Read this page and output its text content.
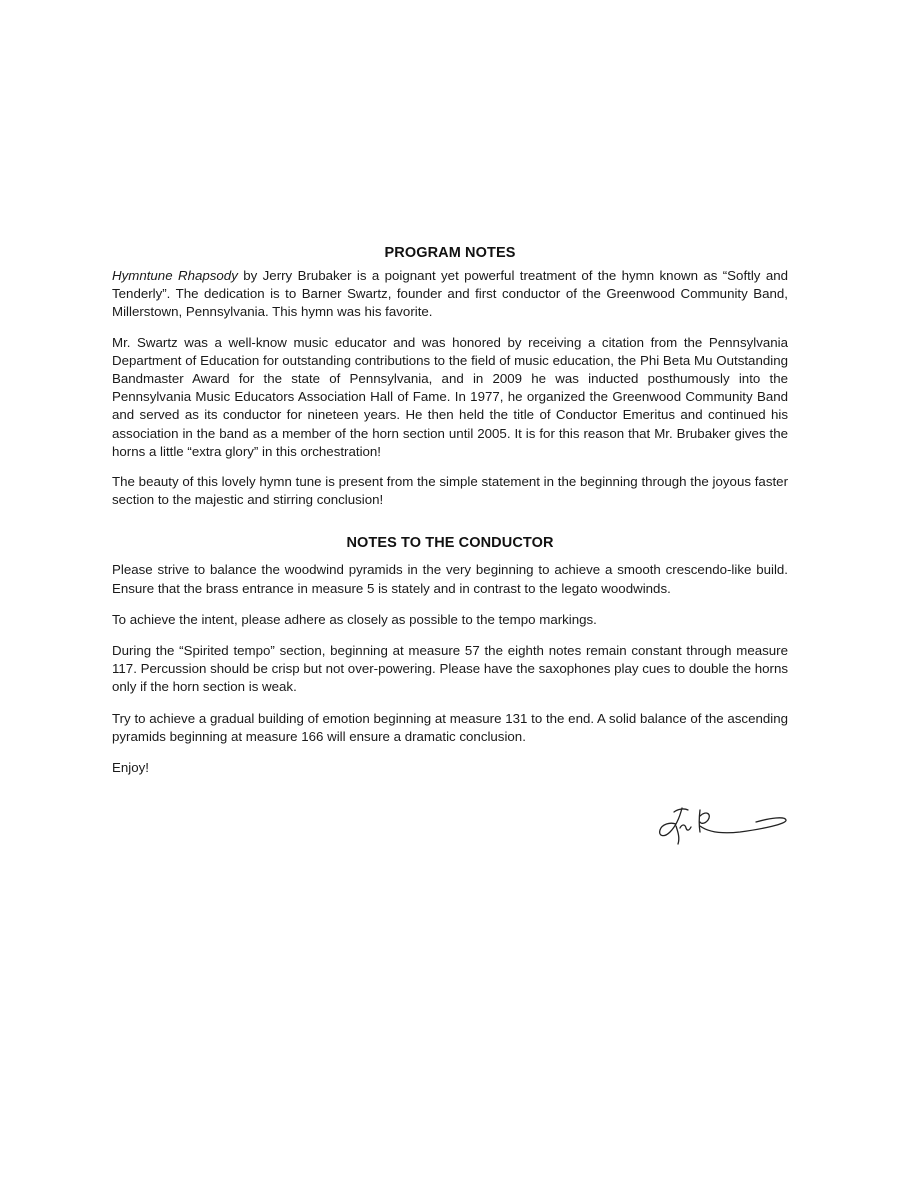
PROGRAM NOTES

Hymntune Rhapsody by Jerry Brubaker is a poignant yet powerful treatment of the hymn known as “Softly and Tenderly”. The dedication is to Barner Swartz, founder and first conductor of the Greenwood Community Band, Millerstown, Pennsylvania. This hymn was his favorite.

Mr. Swartz was a well-know music educator and was honored by receiving a citation from the Pennsylvania Department of Education for outstanding contributions to the field of music education, the Phi Beta Mu Outstanding Bandmaster Award for the state of Pennsylvania, and in 2009 he was inducted posthumously into the Pennsylvania Music Educators Association Hall of Fame. In 1977, he organized the Greenwood Community Band and served as its conductor for nineteen years. He then held the title of Conductor Emeritus and continued his association in the band as a member of the horn section until 2005. It is for this reason that Mr. Brubaker gives the horns a little “extra glory” in this orchestration!

The beauty of this lovely hymn tune is present from the simple statement in the beginning through the joyous faster section to the majestic and stirring conclusion!

NOTES TO THE CONDUCTOR

Please strive to balance the woodwind pyramids in the very beginning to achieve a smooth crescendo-like build. Ensure that the brass entrance in measure 5 is stately and in contrast to the legato woodwinds.

To achieve the intent, please adhere as closely as possible to the tempo markings.

During the “Spirited tempo” section, beginning at measure 57 the eighth notes remain constant through measure 117. Percussion should be crisp but not over-powering. Please have the saxophones play cues to double the horns only if the horn section is weak.

Try to achieve a gradual building of emotion beginning at measure 131 to the end. A solid balance of the ascending pyramids beginning at measure 166 will ensure a dramatic conclusion.

Enjoy!
